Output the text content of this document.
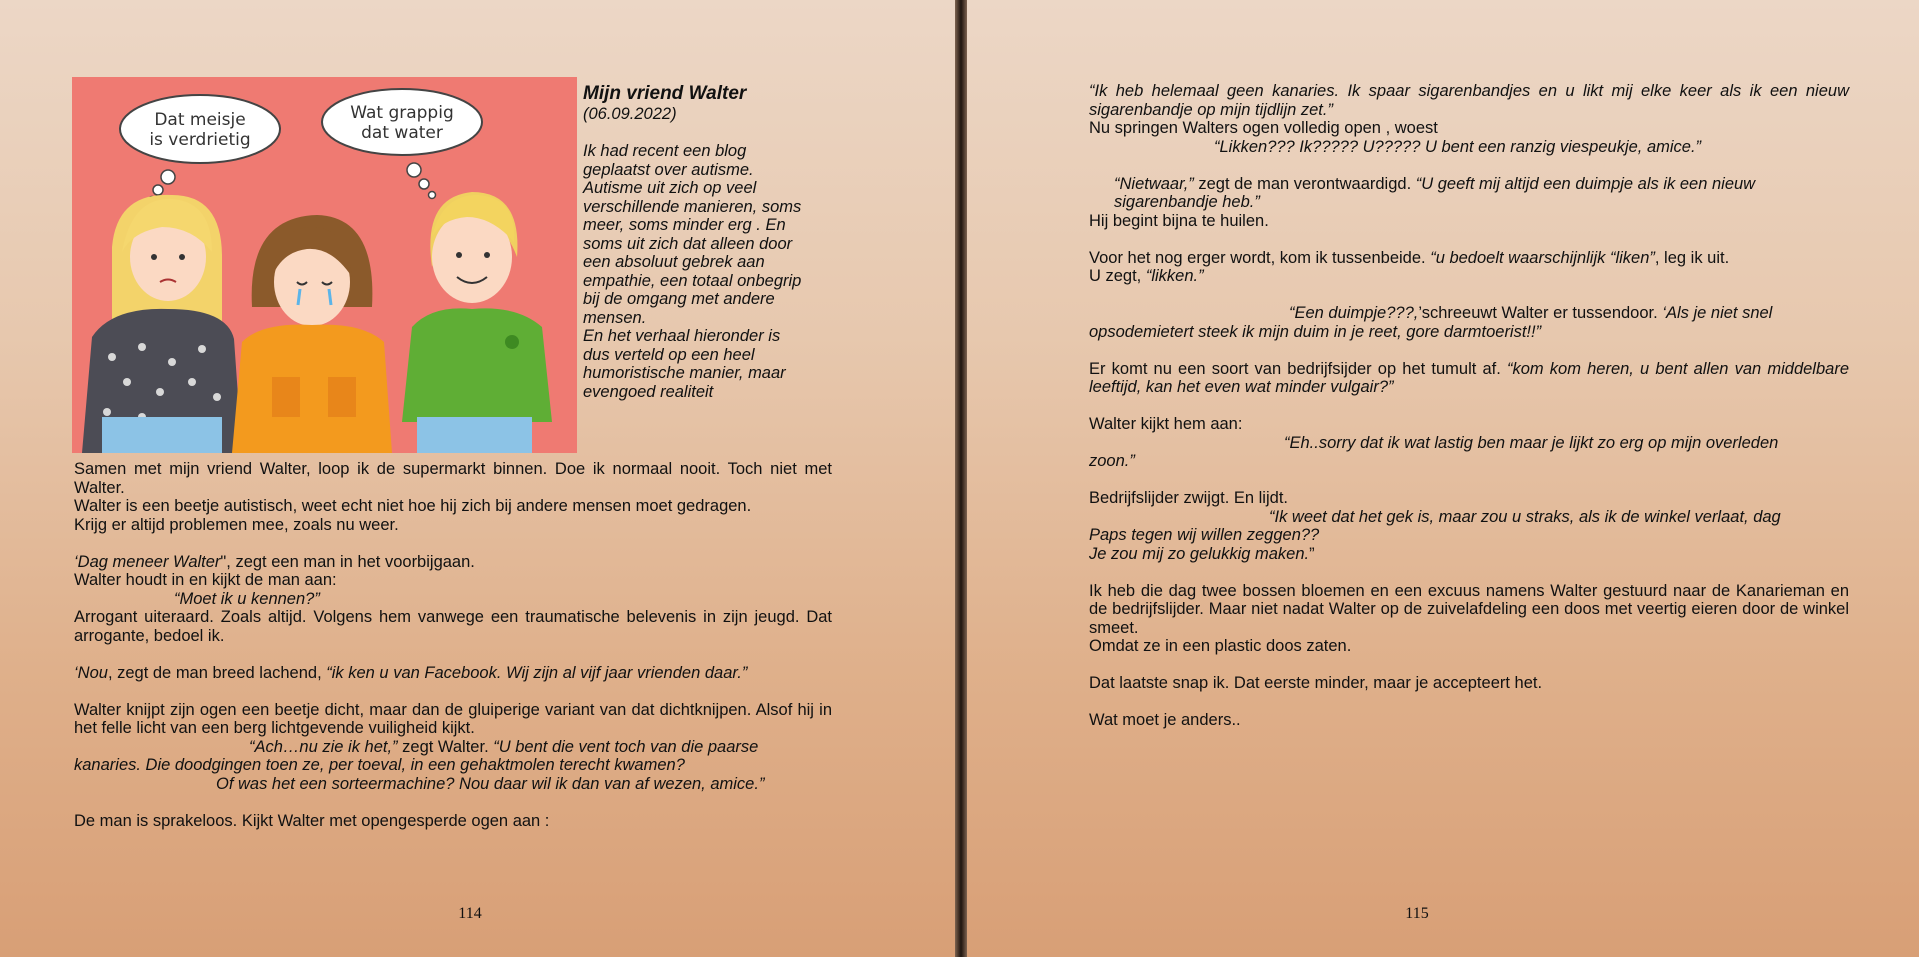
Dat meisje
is verdrietig
Wat grappig
dat water
Mijn vriend Walter
(06.09.2022)
Ik had recent een blog
geplaatst over autisme.
Autisme uit zich op veel
verschillende manieren, soms
meer, soms minder erg . En
soms uit zich dat alleen door
een absoluut gebrek aan
empathie, een totaal onbegrip
bij de omgang met andere
mensen.
En het verhaal hieronder is
dus verteld op een heel
humoristische manier, maar
evengoed realiteit

Samen met mijn vriend Walter, loop ik de supermarkt binnen. Doe ik normaal nooit. Toch niet met Walter.

Walter is een beetje autistisch, weet echt niet hoe hij zich bij andere mensen moet gedragen.

Krijg er altijd problemen mee, zoals nu weer.

‘Dag meneer Walter", zegt een man in het voorbijgaan.

Walter houdt in en kijkt de man aan:

“Moet ik u kennen?”

Arrogant uiteraard. Zoals altijd. Volgens hem vanwege een traumatische belevenis in zijn jeugd. Dat arrogante, bedoel ik.

‘Nou, zegt de man breed lachend, “ik ken u van Facebook. Wij zijn al vijf jaar vrienden daar.”

Walter knijpt zijn ogen een beetje dicht, maar dan de gluiperige variant van dat dichtknijpen. Alsof hij in het felle licht van een berg lichtgevende vuiligheid kijkt.

“Ach…nu zie ik het,” zegt Walter. “U bent die vent toch van die paarse

kanaries. Die doodgingen toen ze, per toeval, in een gehaktmolen terecht kwamen?

Of was het een sorteermachine? Nou daar wil ik dan van af wezen, amice.”

De man is sprakeloos. Kijkt Walter met opengesperde ogen aan :

114

“Ik heb helemaal geen kanaries. Ik spaar sigarenbandjes en u likt mij elke keer als ik een nieuw sigarenbandje op mijn tijdlijn zet.”

Nu springen Walters ogen volledig open , woest

“Likken??? Ik????? U????? U bent een ranzig viespeukje, amice.”

“Nietwaar,” zegt de man verontwaardigd. “U geeft mij altijd een duimpje als ik een nieuw sigarenbandje heb.”

Hij begint bijna te huilen.

Voor het nog erger wordt, kom ik tussenbeide. “u bedoelt waarschijnlijk “liken”, leg ik uit.

U zegt, “likken.”

“Een duimpje???,’schreeuwt Walter er tussendoor. ‘Als je niet snel

opsodemietert steek ik mijn duim in je reet, gore darmtoerist!!”

Er komt nu een soort van bedrijfsijder op het tumult af. “kom kom heren, u bent allen van middelbare leeftijd, kan het even wat minder vulgair?”

Walter kijkt hem aan:

“Eh..sorry dat ik wat lastig ben maar je lijkt zo erg op mijn overleden

zoon.”

Bedrijfslijder zwijgt. En lijdt.

“Ik weet dat het gek is, maar zou u straks, als ik de winkel verlaat, dag

Paps tegen wij willen zeggen??

Je zou mij zo gelukkig maken.”

Ik heb die dag twee bossen bloemen en een excuus namens Walter gestuurd naar de Kanarieman en de bedrijfslijder. Maar niet nadat Walter op de zuivelafdeling een doos met veertig eieren door de winkel smeet.

Omdat ze in een plastic doos zaten.

Dat laatste snap ik. Dat eerste minder, maar je accepteert het.

Wat moet je anders..

115
